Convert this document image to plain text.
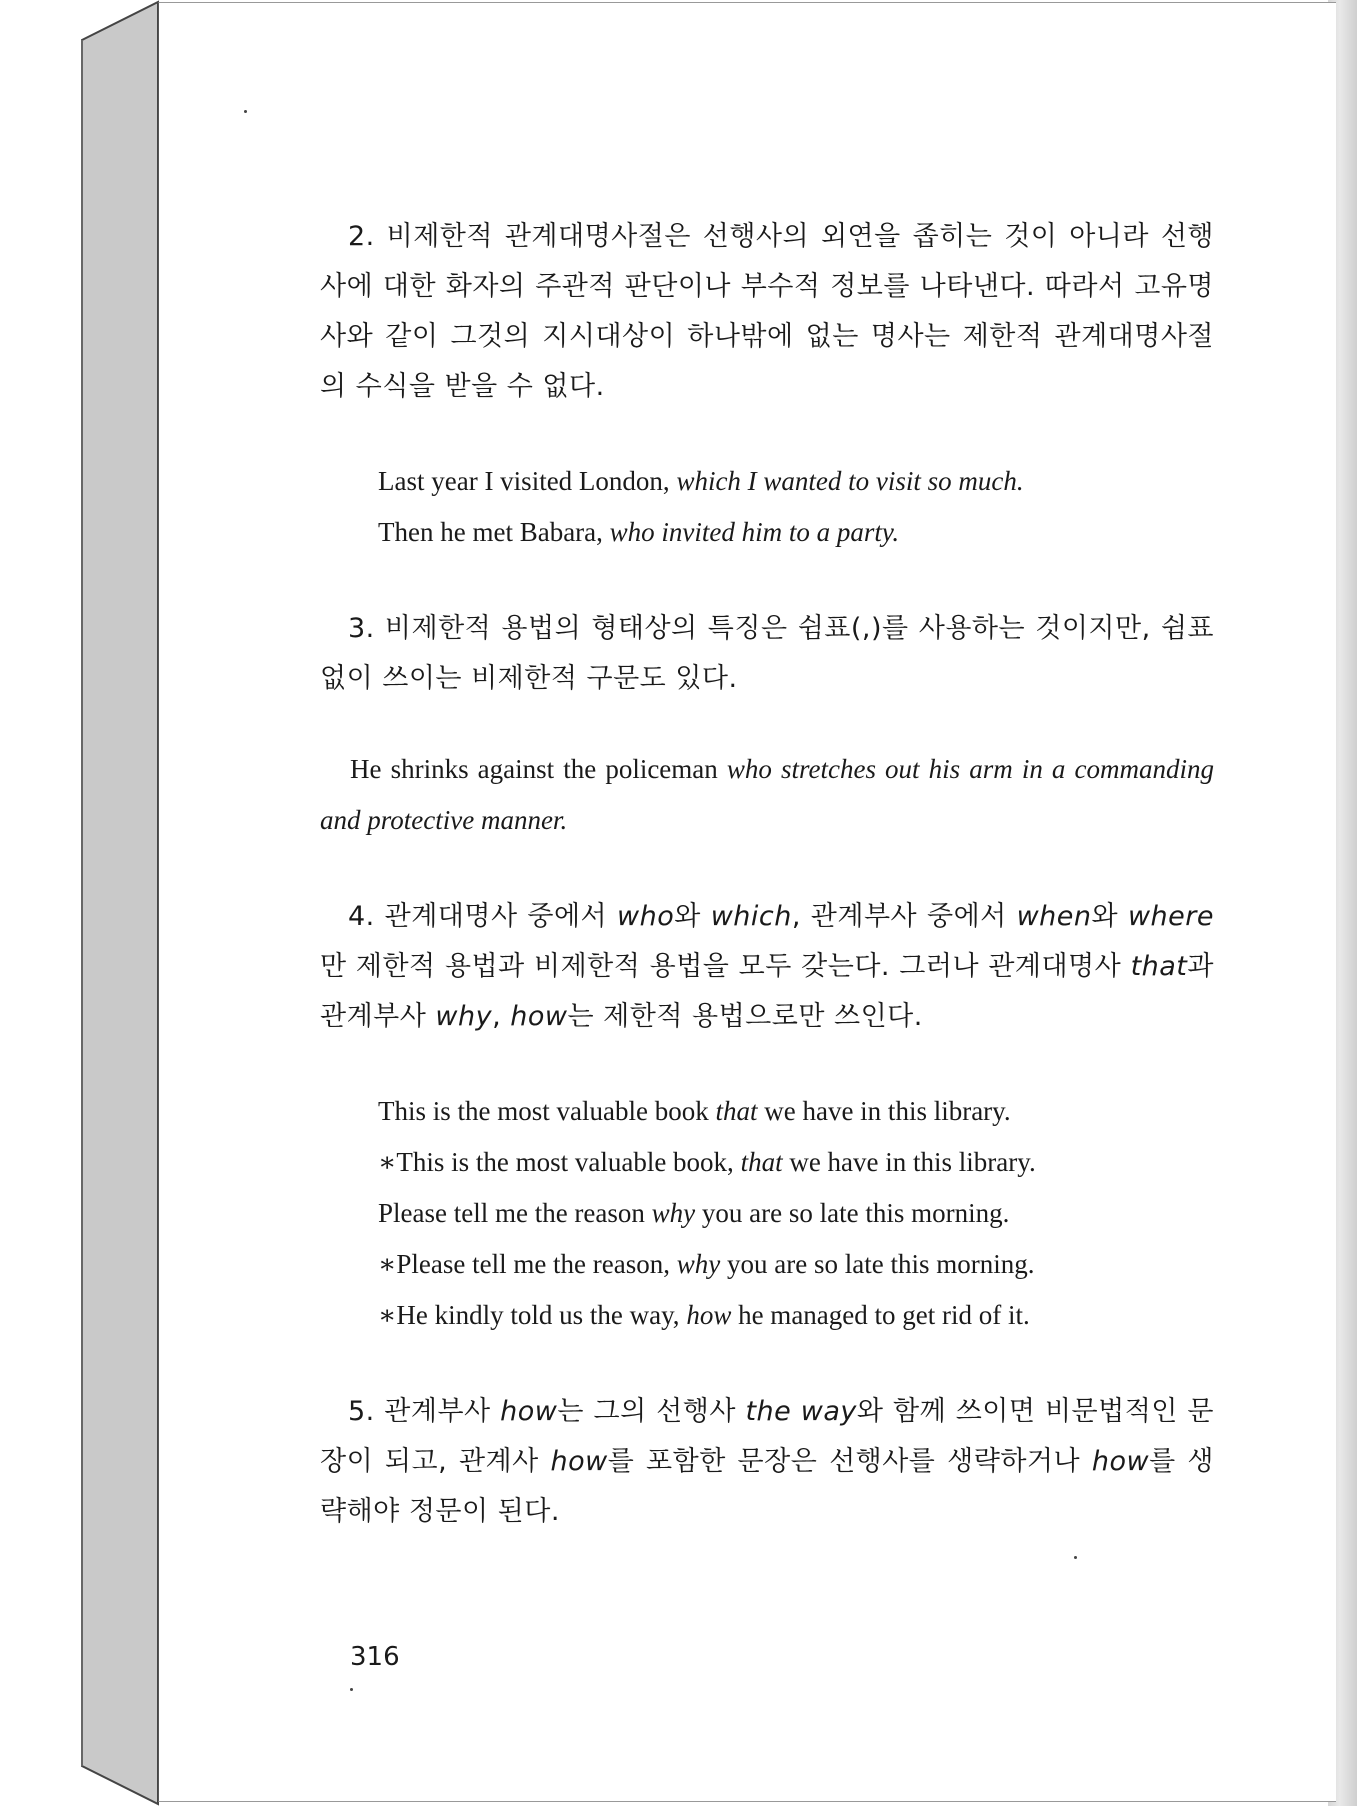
2. 비제한적 관계대명사절은 선행사의 외연을 좁히는 것이 아니라 선행사에 대한 화자의 주관적 판단이나 부수적 정보를 나타낸다. 따라서 고유명사와 같이 그것의 지시대상이 하나밖에 없는 명사는 제한적 관계대명사절의 수식을 받을 수 없다.

Last year I visited London, which I wanted to visit so much.

Then he met Babara, who invited him to a party.

3. 비제한적 용법의 형태상의 특징은 쉼표(,)를 사용하는 것이지만, 쉼표없이 쓰이는 비제한적 구문도 있다.

He shrinks against the policeman who stretches out his arm in a commanding and protective manner.

4. 관계대명사 중에서 who와 which, 관계부사 중에서 when와 where만 제한적 용법과 비제한적 용법을 모두 갖는다. 그러나 관계대명사 that과 관계부사 why, how는 제한적 용법으로만 쓰인다.

This is the most valuable book that we have in this library.

∗This is the most valuable book, that we have in this library.

Please tell me the reason why you are so late this morning.

∗Please tell me the reason, why you are so late this morning.

∗He kindly told us the way, how he managed to get rid of it.

5. 관계부사 how는 그의 선행사 the way와 함께 쓰이면 비문법적인 문장이 되고, 관계사 how를 포함한 문장은 선행사를 생략하거나 how를 생략해야 정문이 된다.

316
